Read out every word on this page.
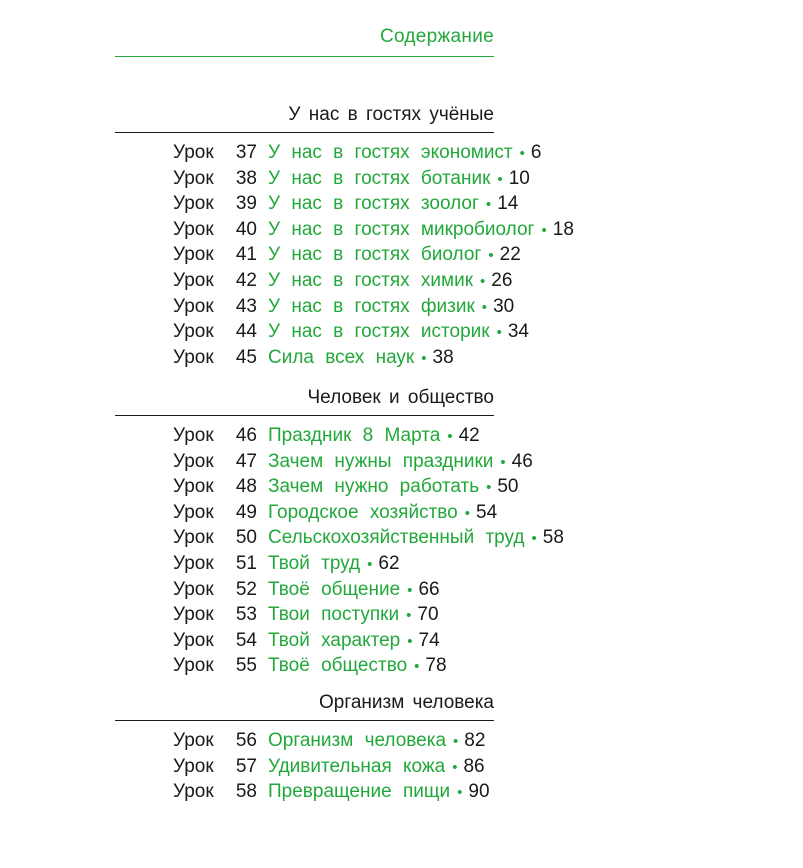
Содержание
У нас в гостях учёные
Урок 37 У нас в гостях экономист • 6
Урок 38 У нас в гостях ботаник • 10
Урок 39 У нас в гостях зоолог • 14
Урок 40 У нас в гостях микробиолог • 18
Урок 41 У нас в гостях биолог • 22
Урок 42 У нас в гостях химик • 26
Урок 43 У нас в гостях физик • 30
Урок 44 У нас в гостях историк • 34
Урок 45 Сила всех наук • 38
Человек и общество
Урок 46 Праздник 8 Марта • 42
Урок 47 Зачем нужны праздники • 46
Урок 48 Зачем нужно работать • 50
Урок 49 Городское хозяйство • 54
Урок 50 Сельскохозяйственный труд • 58
Урок 51 Твой труд • 62
Урок 52 Твоё общение • 66
Урок 53 Твои поступки • 70
Урок 54 Твой характер • 74
Урок 55 Твоё общество • 78
Организм человека
Урок 56 Организм человека • 82
Урок 57 Удивительная кожа • 86
Урок 58 Превращение пищи • 90
